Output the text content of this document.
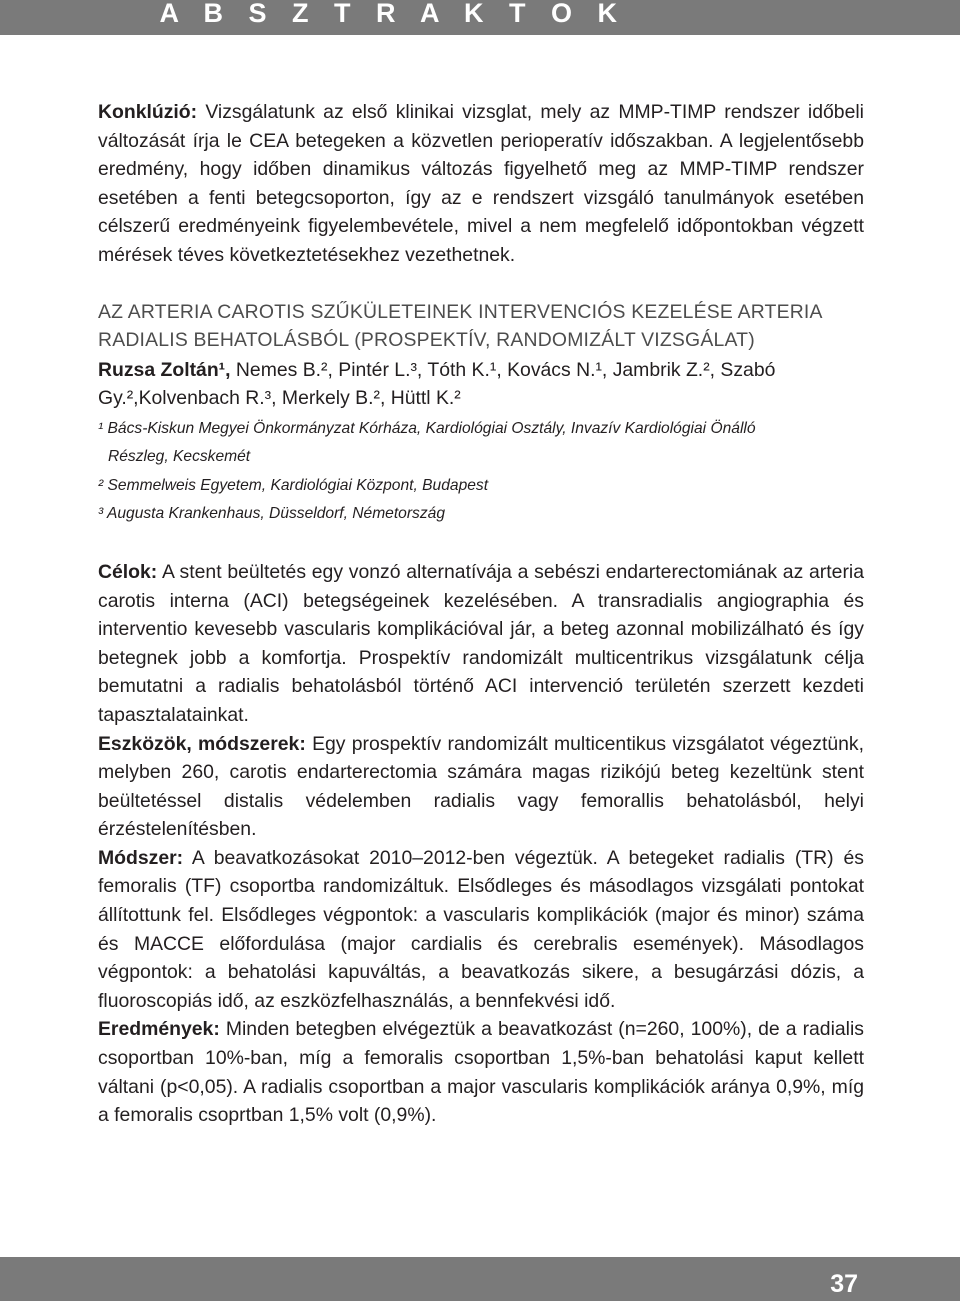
A B S Z T R A K T O K

Konklúzió: Vizsgálatunk az első klinikai vizsglat, mely az MMP-TIMP rendszer időbeli változását írja le CEA betegeken a közvetlen perioperatív időszakban. A legjelentősebb eredmény, hogy időben dinamikus változás figyelhető meg az MMP-TIMP rendszer esetében a fenti betegcsoporton, így az e rendszert vizsgáló tanulmányok esetében célszerű eredményeink figyelembevétele, mivel a nem megfelelő időpontokban végzett mérések téves következtetésekhez vezethetnek.

AZ ARTERIA CAROTIS SZŰKÜLETEINEK INTERVENCIÓS KEZELÉSE ARTERIA RADIALIS BEHATOLÁSBÓL (PROSPEKTÍV, RANDOMIZÁLT VIZSGÁLAT)

Ruzsa Zoltán¹, Nemes B.², Pintér L.³, Tóth K.¹, Kovács N.¹, Jambrik Z.², Szabó Gy.²,Kolvenbach R.³, Merkely B.², Hüttl K.²

¹ Bács-Kiskun Megyei Önkormányzat Kórháza, Kardiológiai Osztály, Invazív Kardiológiai Önálló
Részleg, Kecskemét
² Semmelweis Egyetem, Kardiológiai Központ, Budapest
³ Augusta Krankenhaus, Düsseldorf, Németország

Célok: A stent beültetés egy vonzó alternatívája a sebészi endarterectomiának az arteria carotis interna (ACI) betegségeinek kezelésében. A transradialis angiographia és interventio kevesebb vascularis komplikációval jár, a beteg azonnal mobilizálható és így betegnek jobb a komfortja. Prospektív randomizált multicentrikus vizsgálatunk célja bemutatni a radialis behatolásból történő ACI intervenció területén szerzett kezdeti tapasztalatainkat.

Eszközök, módszerek: Egy prospektív randomizált multicentikus vizsgálatot végeztünk, melyben 260, carotis endarterectomia számára magas rizikójú beteg kezeltünk stent beültetéssel distalis védelemben radialis vagy femorallis behatolásból, helyi érzéstelenítésben.

Módszer: A beavatkozásokat 2010–2012-ben végeztük. A betegeket radialis (TR) és femoralis (TF) csoportba randomizáltuk. Elsődleges és másodlagos vizsgálati pontokat állítottunk fel. Elsődleges végpontok: a vascularis komplikációk (major és minor) száma és MACCE előfordulása (major cardialis és cerebralis események). Másodlagos végpontok: a behatolási kapuváltás, a beavatkozás sikere, a besugárzási dózis, a fluoroscopiás idő, az eszközfelhasználás, a bennfekvési idő.

Eredmények: Minden betegben elvégeztük a beavatkozást (n=260, 100%), de a radialis csoportban 10%-ban, míg a femoralis csoportban 1,5%-ban behatolási kaput kellett váltani (p<0,05). A radialis csoportban a major vascularis komplikációk aránya 0,9%, míg a femoralis csoprtban 1,5% volt (0,9%).

37
